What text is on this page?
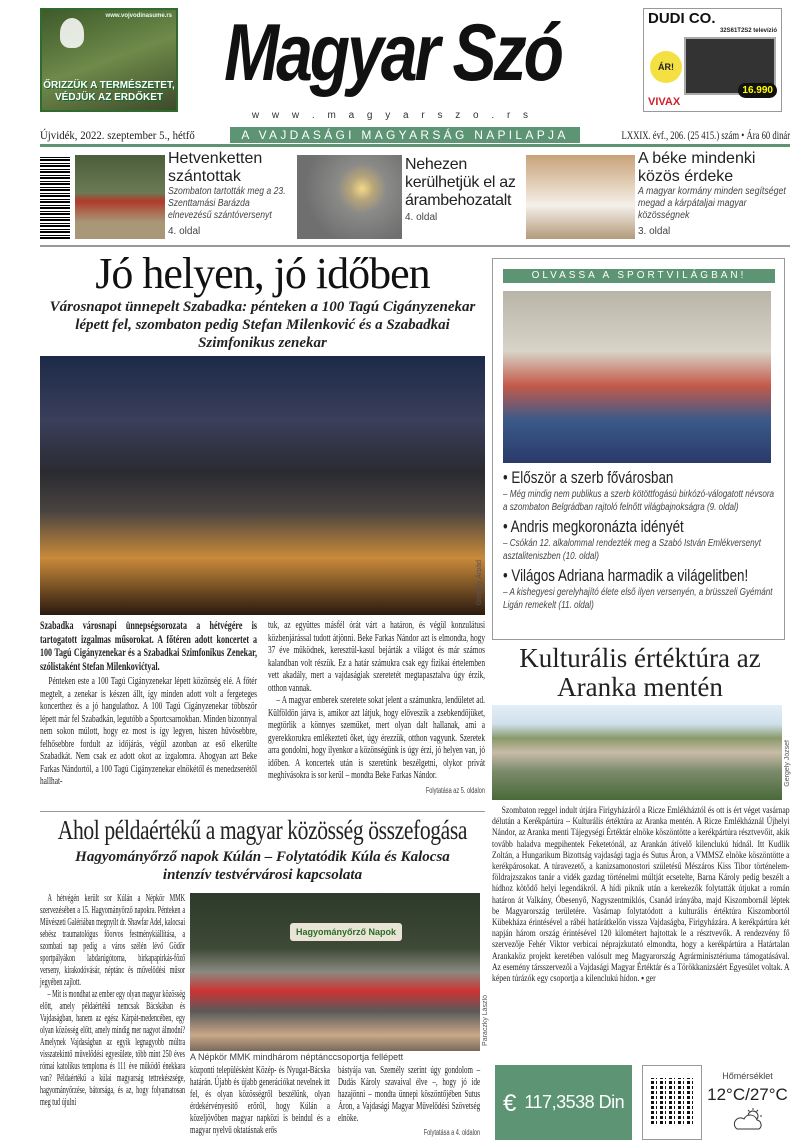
www.vojvodinasume.rs
ŐRIZZÜK A TERMÉSZETET, VÉDJÜK AZ ERDŐKET
Magyar Szó	DUDI CO.
32S61T2S2 televízió
ÁR!
16.990
VIVAX
w w w . m a g y a r s z o . r s
Újvidék, 2022. szeptember 5., hétfő	A VAJDASÁGI MAGYARSÁG NAPILAPJA	LXXIX. évf., 206. (25 415.) szám • Ára 60 dinár
Hetvenketten szántottak
Szombaton tartották meg a 23. Szenttamási Barázda elnevezésű szántóversenyt
4. oldal
Nehezen kerülhetjük el az árambehozatalt
4. oldal
A béke mindenki közös érdeke
A magyar kormány minden segítséget megad a kárpátaljai magyar közösségnek
3. oldal
Jó helyen, jó időben
Városnapot ünnepelt Szabadka: pénteken a 100 Tagú Cigányzenekar lépett fel, szombaton pedig Stefan Milenković és a Szabadkai Szimfonikus zenekar
Gergely Árpád
Szabadka városnapi ünnepségsorozata a hétvégére is tartogatott izgalmas műsorokat. A főtéren adott koncertet a 100 Tagú Cigányzenekar és a Szabadkai Szimfonikus Zenekar, szólistaként Stefan Milenkovićtyal.

Pénteken este a 100 Tagú Cigányzenekar lépett közönség elé. A főtér megtelt, a zenekar is készen állt, így minden adott volt a fergeteges koncerthez és a jó hangulathoz. A 100 Tagú Cigányzenekar többször lépett már fel Szabadkán, legutóbb a Sportcsarnokban. Minden bizonnyal nem sokon múlott, hogy ez most is így legyen, hiszen hűvösebbre, felhősebbre fordult az időjárás, végül azonban az eső elkerülte Szabadkát. Nem csak ez adott okot az izgalomra. Ahogyan azt Beke Farkas Nándortól, a 100 Tagú Cigányzenekar elnökétől és menedzserétől hallhat-

tuk, az együttes másfél órát várt a határon, és végül konzulátusi közbenjárással tudott átjönni. Beke Farkas Nándor azt is elmondta, hogy 37 éve működnek, keresztül-kasul bejárták a világot és már számos kalandban volt részük. Ez a határ számukra csak egy fizikai értelemben vett akadály, mert a vajdaságiak szeretetét megtapasztalva úgy érzik, otthon vannak.

– A magyar emberek szeretete sokat jelent a számunkra, lendületet ad. Külföldön járva is, amikor azt látjuk, hogy előveszik a zsebkendőjüket, megtörlik a könnyes szemüket, mert olyan dalt hallanak, ami a gyerekkorukra emlékezteti őket, úgy érezzük, otthon vagyunk. Szeretek arra gondolni, hogy ilyenkor a közönségünk is úgy érzi, jó helyen van, jó időben. A koncertek után is szeretünk beszélgetni, olykor privát meghívásokra is sor kerül – mondta Beke Farkas Nándor.

Folytatása az 5. oldalon
Ahol példaértékű a magyar közösség összefogása
Hagyományőrző napok Kúlán – Folytatódik Kúla és Kalocsa intenzív testvérvárosi kapcsolata

A hétvégén került sor Kúlán a Népkör MMK szervezésében a 15. Hagyományőrző napokra. Pénteken a Művészeti Galériában megnyílt dr. Shawfar Adel, kalocsai sebész traumatológus főorvos festménykiállítása, a szombati nap pedig a város szélén lévő Gödör sportpályákon labdarúgótorna, birkapapirkás-főző verseny, kirakodóvásár, néptánc és művelődési műsor jegyében zajlott.

– Mit is mondhat az ember egy olyan magyar közösség előtt, amely példaértékű nemcsak Bácskában és Vajdaságban, hanem az egész Kárpát-medencében, egy olyan közösség előtt, amely mindig mer nagyot álmodni? Amelynek Vajdaságban az egyik legnagyobb múltra visszatekintő művelődési egyesülete, több mint 250 éves római katolikus temploma és 111 éve működő énekkara van? Példaértékű a kúlai magyarság tettrekészsége, hagyományőrzése, bátorsága, és az, hogy folyamatosan meg tud újulni

Hagyományőrző Napok
Paraczky László
A Népkör MMK mindhárom néptánccsoportja fellépett
központi településként Közép- és Nyugat-Bácska határán. Újabb és újabb generációkat nevelnek itt fel, és olyan közösségről beszélünk, olyan érdekérvényesítő erőről, hogy Kúlán a közeljövőben magyar napközi is beindul és a magyar nyelvű oktatásnak erős
bástyája van. Személy szerint úgy gondolom – Dudás Károly szavaival élve –, hogy jó ide hazajönni – mondta ünnepi köszöntőjében Sutus Áron, a Vajdasági Magyar Művelődési Szövetség elnöke.
Folytatása a 4. oldalon
OLVASSA A SPORTVILÁGBAN!
• Először a szerb fővárosban
– Még mindig nem publikus a szerb kötöttfogású birkózó-válogatott névsora a szombaton Belgrádban rajtoló felnőtt világbajnokságra (9. oldal)
• Andris megkoronázta idényét
– Csókán 12. alkalommal rendezték meg a Szabó István Emlékversenyt asztaliteniszben (10. oldal)
• Világos Adriana harmadik a világelitben!
– A kishegyesi gerelyhajító élete első ilyen versenyén, a brüsszeli Gyémánt Ligán remekelt (11. oldal)
Kulturális értéktúra az Aranka mentén
Gergely József

Szombaton reggel indult útjára Firigyházáról a Ricze Emlékháztól és ott is ért véget vasárnap délután a Kerékpártúra – Kulturális értéktúra az Aranka mentén. A Ricze Emlékháznál Újhelyi Nándor, az Aranka menti Tájegységi Értéktár elnöke köszöntötte a kerékpártúra résztvevőit, akik tovább haladva megpihentek Feketetónál, az Arankán átívelő kilenclukú hídnál. Itt Kudlik Zoltán, a Hungarikum Bizottság vajdasági tagja és Sutus Áron, a VMMSZ elnöke köszöntötte a kerékpárosokat. A túravezető, a kanizsamonostori születésű Mészáros Kiss Tibor történelem-földrajzszakos tanár a vidék gazdag történelmi múltját ecsetelte, Barna Károly pedig beszélt a hídhoz kötődő helyi legendákról. A hídi piknik után a kerekezők folytatták útjukat a román határon át Valkány, Óbesenyő, Nagyszentmiklós, Csanád irányába, majd Kiszombornál léptek be Magyarország területére. Vasárnap folytatódott a kulturális értéktúra Kiszombortól Kübekháza érintésével a rábéi határátkelőn vissza Vajdaságba, Firigyházára. A kerékpártúra két napján három ország érintésével 120 kilométert hajtottak le a résztvevők. A rendezvény fő szervezője Fehér Viktor verbicai néprajzkutató elmondta, hogy a kerékpártúra a Határtalan Arankaköz projekt keretében valósult meg Magyarország Agrárminisztériuma támogatásával. Az esemény társszervezői a Vajdasági Magyar Értéktár és a Törökkanizsáért Egyesület voltak. A képen túrázók egy csoportja a kilenclukú hídon. ▪ ger

€ 117,3538 Din
Hőmérséklet
12°C/27°C
